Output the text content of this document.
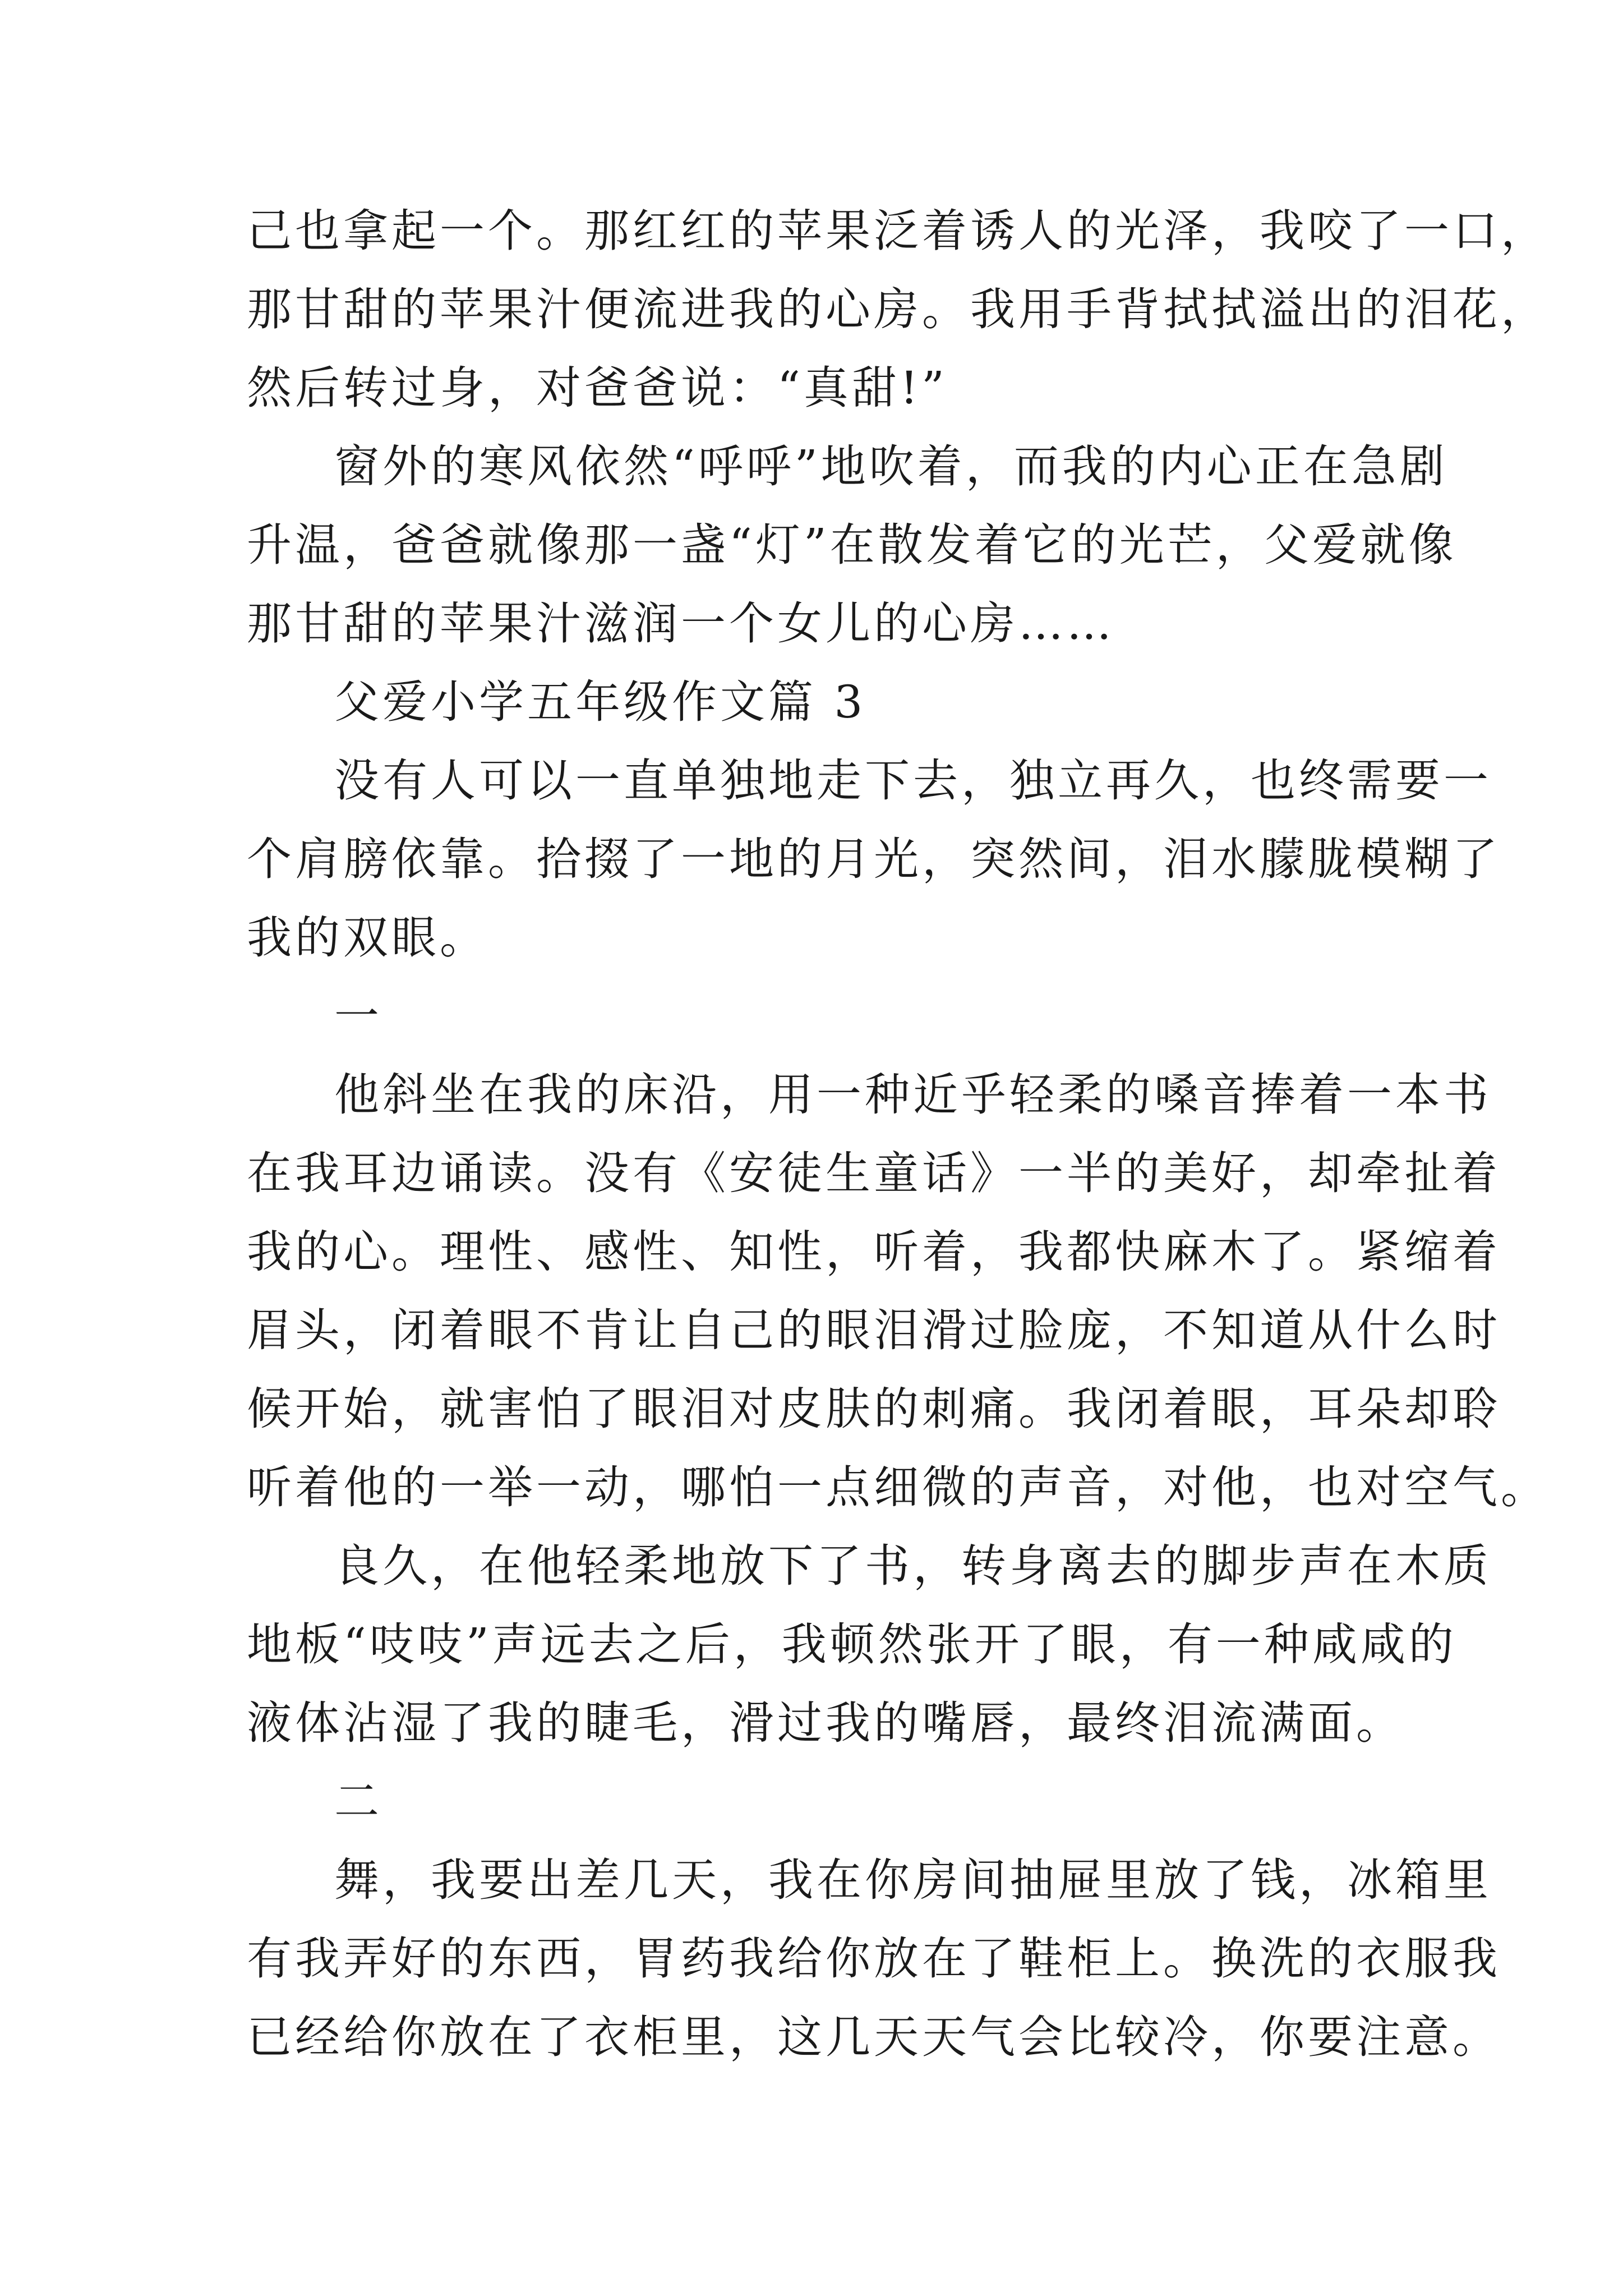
己也拿起一个。那红红的苹果泛着诱人的光泽，我咬了一口，
那甘甜的苹果汁便流进我的心房。我用手背拭拭溢出的泪花，
然后转过身，对爸爸说：“真甜!”
窗外的寒风依然“呼呼”地吹着，而我的内心正在急剧
升温，爸爸就像那一盏“灯”在散发着它的光芒，父爱就像
那甘甜的苹果汁滋润一个女儿的心房……
父爱小学五年级作文篇 3
没有人可以一直单独地走下去，独立再久，也终需要一
个肩膀依靠。拾掇了一地的月光，突然间，泪水朦胧模糊了
我的双眼。
一
他斜坐在我的床沿，用一种近乎轻柔的嗓音捧着一本书
在我耳边诵读。没有《安徒生童话》一半的美好，却牵扯着
我的心。理性、感性、知性，听着，我都快麻木了。紧缩着
眉头，闭着眼不肯让自己的眼泪滑过脸庞，不知道从什么时
候开始，就害怕了眼泪对皮肤的刺痛。我闭着眼，耳朵却聆
听着他的一举一动，哪怕一点细微的声音，对他，也对空气。
良久，在他轻柔地放下了书，转身离去的脚步声在木质
地板“吱吱”声远去之后，我顿然张开了眼，有一种咸咸的
液体沾湿了我的睫毛，滑过我的嘴唇，最终泪流满面。
二
舞，我要出差几天，我在你房间抽屉里放了钱，冰箱里
有我弄好的东西，胃药我给你放在了鞋柜上。换洗的衣服我
已经给你放在了衣柜里，这几天天气会比较冷，你要注意。
